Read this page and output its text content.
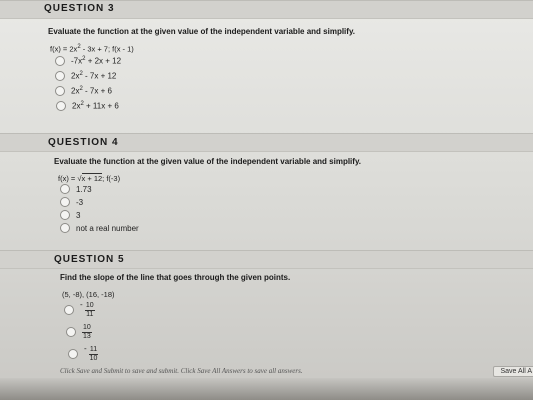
QUESTION 3
Evaluate the function at the given value of the independent variable and simplify.
$f(x) = 2x^2 - 3x + 7$; f(x - 1)
$-7x^2 + 2x + 12$
$2x^2 - 7x + 12$
$2x^2 - 7x + 6$
$2x^2 + 11x + 6$
QUESTION 4
Evaluate the function at the given value of the independent variable and simplify.
f(x) = √x + 12; f(-3)
1.73
-3
3
not a real number
QUESTION 5
Find the slope of the line that goes through the given points.
(5, -8), (16, -18)
- $\frac{10}{11}$
$\frac{10}{13}$
- $\frac{11}{10}$
Click Save and Submit to save and submit. Click Save All Answers to save all answers.	Save All A
